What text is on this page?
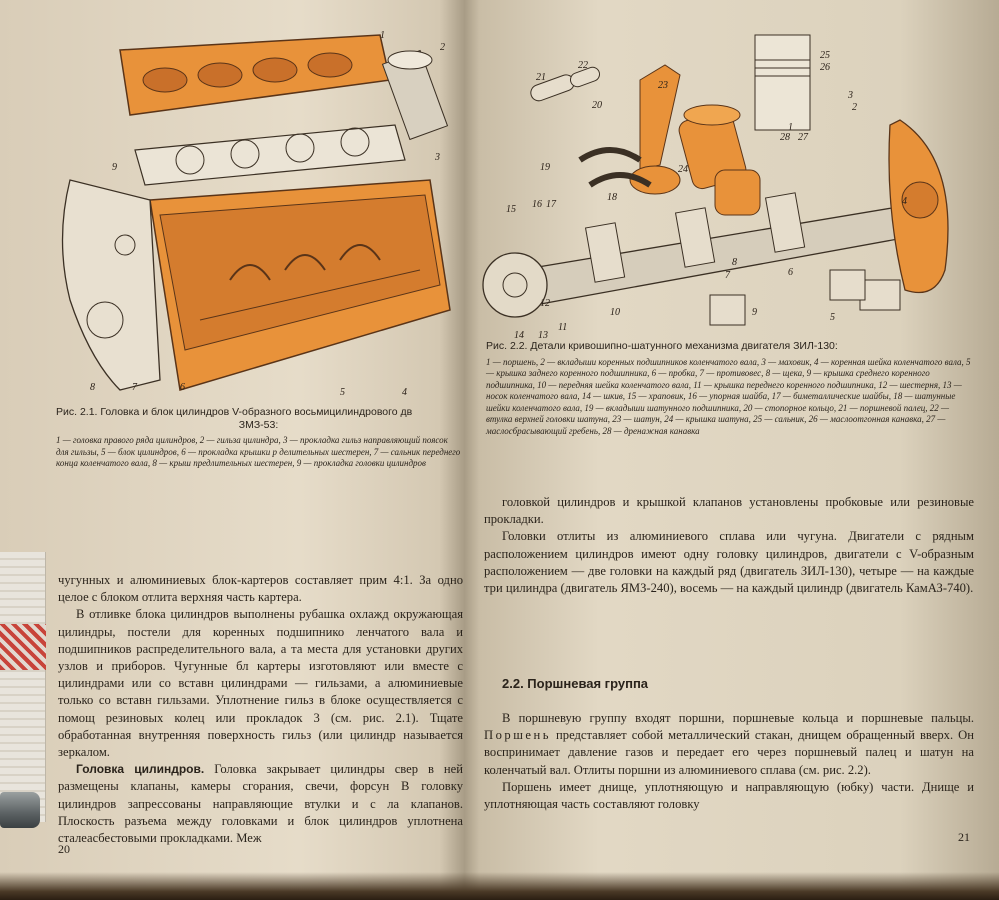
1
2
3
4
5
6
7
8
9
Рис. 2.1. Головка и блок цилиндров V-образного восьмицилиндрового дв
ЗМЗ-53:
1 — головка правого ряда цилиндров, 2 — гильза цилиндра, 3 — прокладка гильз направляющий поясок для гильзы, 5 — блок цилиндров, 6 — прокладка крышки р делительных шестерен, 7 — сальник переднего конца коленчатого вала, 8 — крыш предлительных шестерен, 9 — прокладка головки цилиндров

чугунных и алюминиевых блок-картеров составляет прим 4:1. За одно целое с блоком отлита верхняя часть картера.

В отливке блока цилиндров выполнены рубашка охлажд окружающая цилиндры, постели для коренных подшипнико ленчатого вала и подшипников распределительного вала, а та места для установки других узлов и приборов. Чугунные бл картеры изготовляют или вместе с цилиндрами или со вставн цилиндрами — гильзами, а алюминиевые только со вставн гильзами. Уплотнение гильз в блоке осуществляется с помощ резиновых колец или прокладок 3 (см. рис. 2.1). Тщате обработанная внутренняя поверхность гильз (или цилиндр называется зеркалом.

Головка цилиндров. Головка закрывает цилиндры свер в ней размещены клапаны, камеры сгорания, свечи, форсун В головку цилиндров запрессованы направляющие втулки и с ла клапанов. Плоскость разъема между головками и блок цилиндров уплотнена сталеасбестовыми прокладками. Меж

20
1
2
3
4
5
6
7
8
9
10
11
12
13
14
15 16 17
18
19
20
21
22
23
24
25
26
27
28
Рис. 2.2. Детали кривошипно-шатунного механизма двигателя ЗИЛ-130:
1 — поршень, 2 — вкладыши коренных подшипников коленчатого вала, 3 — маховик, 4 — коренная шейка коленчатого вала, 5 — крышка заднего коренного подшипника, 6 — пробка, 7 — противовес, 8 — щека, 9 — крышка среднего коренного подшипника, 10 — передняя шейка коленчатого вала, 11 — крышка переднего коренного подшипника, 12 — шестерня, 13 — носок коленчатого вала, 14 — шкив, 15 — храповик, 16 — упорная шайба, 17 — биметаллические шайбы, 18 — шатунные шейки коленчатого вала, 19 — вкладыши шатунного подшипника, 20 — стопорное кольцо, 21 — поршневой палец, 22 — втулка верхней головки шатуна, 23 — шатун, 24 — крышка шатуна, 25 — сальник, 26 — маслоотгонная канавка, 27 — маслосбрасывающий гребень, 28 — дренажная канавка

головкой цилиндров и крышкой клапанов установлены пробковые или резиновые прокладки.

Головки отлиты из алюминиевого сплава или чугуна. Двигатели с рядным расположением цилиндров имеют одну головку цилиндров, двигатели с V-образным расположением — две головки на каждый ряд (двигатель ЗИЛ-130), четыре — на каждые три цилиндра (двигатель ЯМЗ-240), восемь — на каждый цилиндр (двигатель КамАЗ-740).

2.2. Поршневая группа

В поршневую группу входят поршни, поршневые кольца и поршневые пальцы. Поршень представляет собой металлический стакан, днищем обращенный вверх. Он воспринимает давление газов и передает его через поршневый палец и шатун на коленчатый вал. Отлиты поршни из алюминиевого сплава (см. рис. 2.2).

Поршень имеет днище, уплотняющую и направляющую (юбку) части. Днище и уплотняющая часть составляют головку

21
